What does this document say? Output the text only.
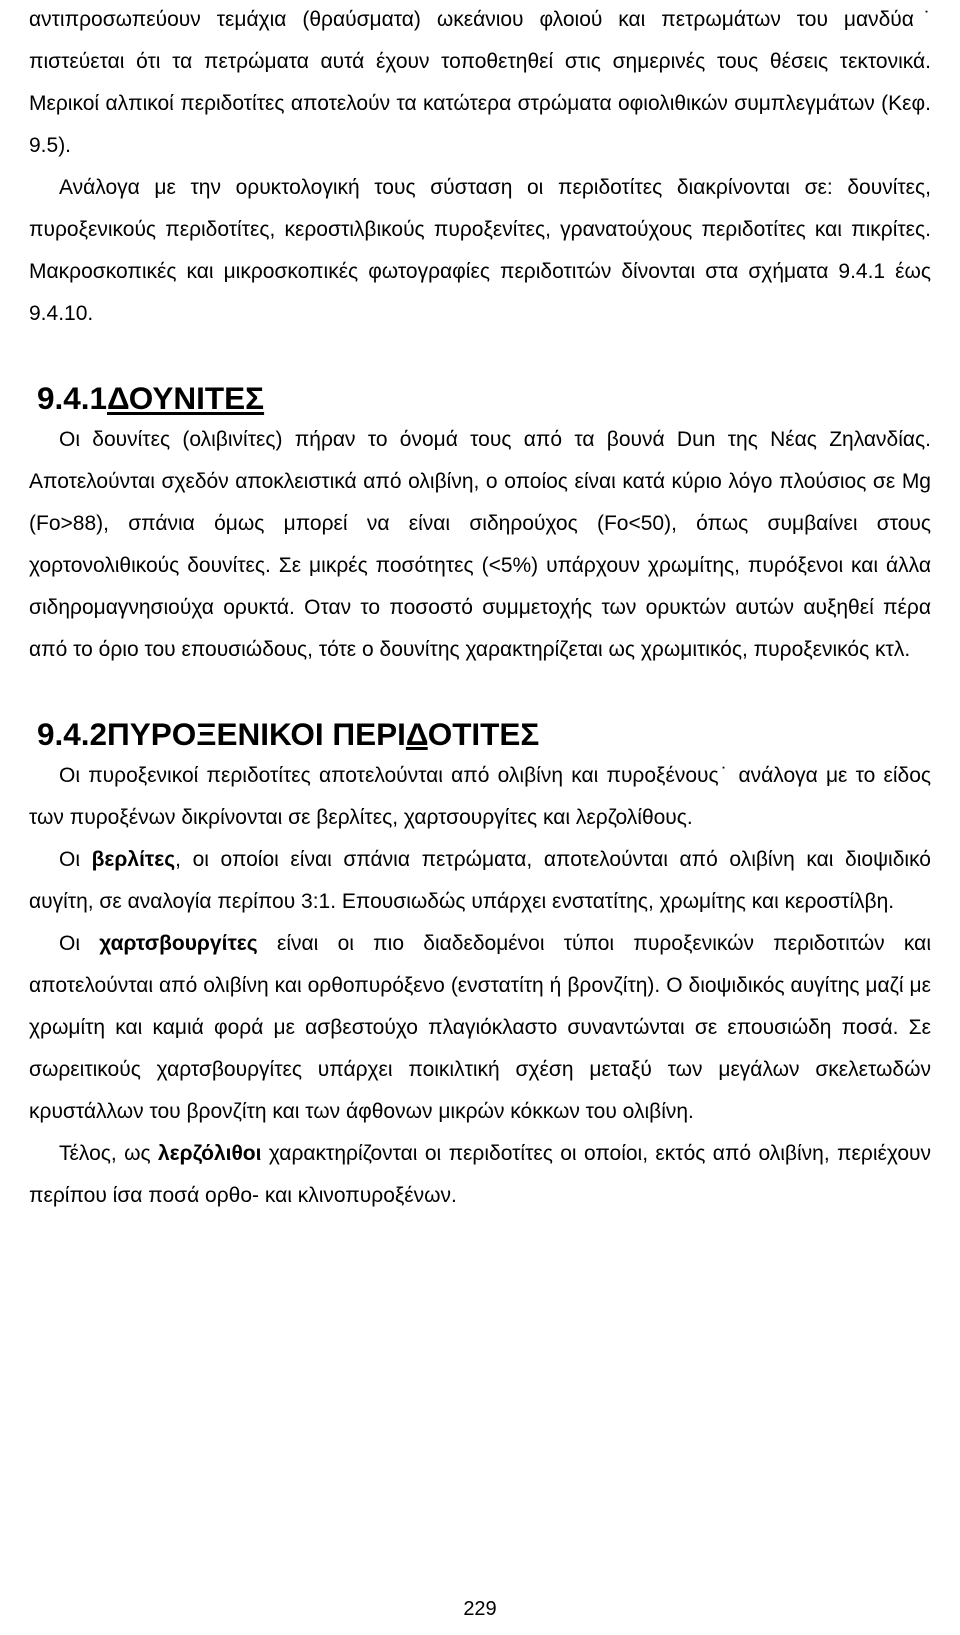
αντιπροσωπεύουν τεμάχια (θραύσματα) ωκεάνιου φλοιού και πετρωμάτων του μανδύα˙ πιστεύεται ότι τα πετρώματα αυτά έχουν τοποθετηθεί στις σημερινές τους θέσεις τεκτονικά. Μερικοί αλπικοί περιδοτίτες αποτελούν τα κατώτερα στρώματα οφιολιθικών συμπλεγμάτων (Κεφ. 9.5).

Ανάλογα με την ορυκτολογική τους σύσταση οι περιδοτίτες διακρίνονται σε: δουνίτες, πυροξενικούς περιδοτίτες, κεροστιλβικούς πυροξενίτες, γρανατούχους περιδοτίτες και πικρίτες. Μακροσκοπικές και μικροσκοπικές φωτογραφίες περιδοτιτών δίνονται στα σχήματα 9.4.1 έως 9.4.10.

9.4.1ΔΟΥΝΙΤΕΣ

Οι δουνίτες (ολιβινίτες) πήραν το όνομά τους από τα βουνά Dun της Νέας Ζηλανδίας. Αποτελούνται σχεδόν αποκλειστικά από ολιβίνη, ο οποίος είναι κατά κύριο λόγο πλούσιος σε Mg (Fo>88), σπάνια όμως μπορεί να είναι σιδηρούχος (Fo<50), όπως συμβαίνει στους χορτονολιθικούς δουνίτες. Σε μικρές ποσότητες (<5%) υπάρχουν χρωμίτης, πυρόξενοι και άλλα σιδηρομαγνησιούχα ορυκτά. Οταν το ποσοστό συμμετοχής των ορυκτών αυτών αυξηθεί πέρα από το όριο του επουσιώδους, τότε ο δουνίτης χαρακτηρίζεται ως χρωμιτικός, πυροξενικός κτλ.

9.4.2ΠΥΡΟΞΕΝΙΚΟΙ ΠΕΡΙΔΟΤΙΤΕΣ

Οι πυροξενικοί περιδοτίτες αποτελούνται από ολιβίνη και πυροξένους˙ ανάλογα με το είδος των πυροξένων δικρίνονται σε βερλίτες, χαρτσουργίτες και λερζολίθους.

Οι βερλίτες, οι οποίοι είναι σπάνια πετρώματα, αποτελούνται από ολιβίνη και διοψιδικό αυγίτη, σε αναλογία περίπου 3:1. Επουσιωδώς υπάρχει ενστατίτης, χρωμίτης και κεροστίλβη.

Οι χαρτσβουργίτες είναι οι πιο διαδεδομένοι τύποι πυροξενικών περιδοτιτών και αποτελούνται από ολιβίνη και ορθοπυρόξενο (ενστατίτη ή βρονζίτη). Ο διοψιδικός αυγίτης μαζί με χρωμίτη και καμιά φορά με ασβεστούχο πλαγιόκλαστο συναντώνται σε επουσιώδη ποσά. Σε σωρειτικούς χαρτσβουργίτες υπάρχει ποικιλτική σχέση μεταξύ των μεγάλων σκελετωδών κρυστάλλων του βρονζίτη και των άφθονων μικρών κόκκων του ολιβίνη.

Τέλος, ως λερζόλιθοι χαρακτηρίζονται οι περιδοτίτες οι οποίοι, εκτός από ολιβίνη, περιέχουν περίπου ίσα ποσά ορθο- και κλινοπυροξένων.

229
